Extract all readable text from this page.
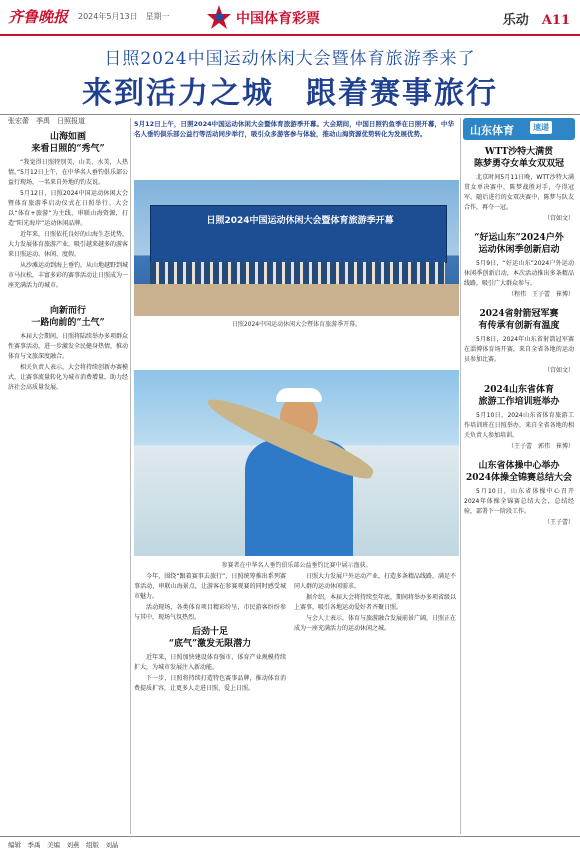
齐鲁晚报 2024年5月13日　星期一	中国体育彩票	乐动　 A11
日照2024中国运动休闲大会暨体育旅游季来了
来到活力之城　跟着赛事旅行
张宏蕾　季禹　日照报道
山海如画
来看日照的“秀气”

“我觉得日照特别美，山美，水美，人热情。”5月12日上午，在中华名人垂钓俱乐部公益行现场，一名来自外地的钓友说。

5月12日，日照2024中国运动休闲大会暨体育旅游季启动仪式在日照举行。大会以“体育+旅游”为主线，串联山海资源，打造“阳光海岸”运动休闲品牌。

近年来，日照依托良好的山海生态优势，大力发展体育旅游产业，吸引越来越多的游客来日照运动、休闲、度假。

从沙滩运动到海上垂钓，从山地越野到城市马拉松，丰富多彩的赛事活动让日照成为一座充满活力的城市。

向新而行
一路向前的“土气”

本届大会期间，日照将陆续举办多项群众性赛事活动，进一步激发全民健身热情，推动体育与文旅深度融合。

相关负责人表示，大会将持续创新办赛模式，让赛事流量转化为城市消费增量，助力经济社会高质量发展。

5月12日上午，日照2024中国运动休闲大会暨体育旅游季开幕。大会期间，中国日照钓鱼季在日照开幕，中华名人垂钓俱乐部公益行等活动同步举行，吸引众多游客参与体验，推动山海资源优势转化为发展优势。
日照2024中国运动休闲大会暨体育旅游季开幕
日照2024中国运动休闲大会暨体育旅游季开幕。
参赛者在中华名人垂钓俱乐部公益垂钓比赛中展示渔获。

今年，围绕“跟着赛事去旅行”，日照统筹推出系列赛事活动，串联山海景点，让游客在参赛观赛的同时感受城市魅力。

活动现场，各类体育项目精彩纷呈，市民游客纷纷参与其中，现场气氛热烈。

后劲十足
“底气”激发无限潜力

近年来，日照加快建设体育强市，体育产业规模持续扩大，为城市发展注入新动能。

下一步，日照将持续打造特色赛事品牌，推动体育消费提质扩容，让更多人走进日照、爱上日照。

日照大力发展户外运动产业，打造多条精品线路，满足不同人群的运动休闲需求。

据介绍，本届大会将持续至年底，期间将举办多项省级以上赛事，吸引各地运动爱好者齐聚日照。

与会人士表示，体育与旅游融合发展前景广阔，日照正在成为一座充满活力的运动休闲之城。

山东体育	速递
WTT沙特大满贯
陈梦勇夺女单女双双冠

北京时间5月11日晚，WTT沙特大满贯女单决赛中，陈梦战胜对手，夺得冠军。随后进行的女双决赛中，陈梦与队友合作，再夺一冠。

（宫如文）
“好运山东”2024户外
运动休闲季创新启动

5月9日，“好运山东”2024户外运动休闲季创新启动，本次活动推出多条精品线路，吸引广大群众参与。

（程伟　王子蕾　崔博）
2024省射箭冠军赛
有传承有创新有温度

5月8日，2024年山东省射箭冠军赛在淄博体育场开赛，来自全省各地的运动员参加比赛。

（宫如文）
2024山东省体育
旅游工作培训班举办

5月10日，2024山东省体育旅游工作培训班在日照举办，来自全省各地的相关负责人参加培训。

（王子蕾　郭伟　崔博）
山东省体操中心举办
2024体操全锦赛总结大会

5月10日，山东省体操中心召开2024年体操全锦赛总结大会，总结经验，部署下一阶段工作。

（王子蕾）
编辑　季禹　美编　刘燕　组版　刘晶
